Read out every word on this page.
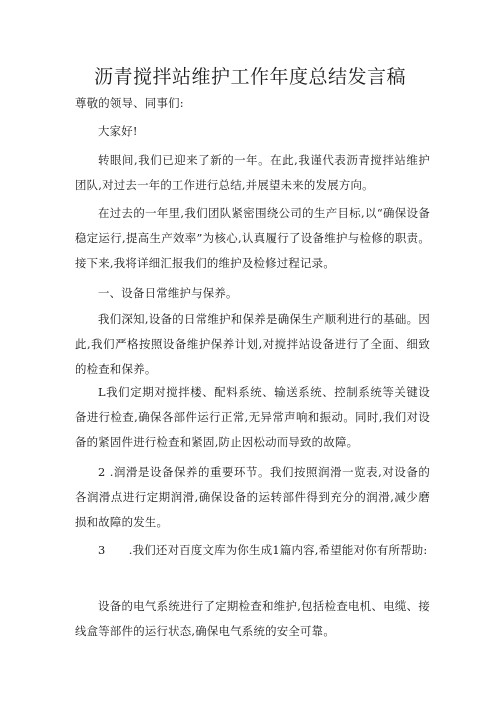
沥青搅拌站维护工作年度总结发言稿

尊敬的领导、同事们:

大家好!

转眼间,我们已迎来了新的一年。在此,我谨代表沥青搅拌站维护团队,对过去一年的工作进行总结,并展望未来的发展方向。

在过去的一年里,我们团队紧密围绕公司的生产目标,以“确保设备稳定运行,提高生产效率”为核心,认真履行了设备维护与检修的职责。接下来,我将详细汇报我们的维护及检修过程记录。

一、设备日常维护与保养。

我们深知,设备的日常维护和保养是确保生产顺利进行的基础。因此,我们严格按照设备维护保养计划,对搅拌站设备进行了全面、细致的检查和保养。

L我们定期对搅拌楼、配料系统、输送系统、控制系统等关键设备进行检查,确保各部件运行正常,无异常声响和振动。同时,我们对设备的紧固件进行检查和紧固,防止因松动而导致的故障。

2 .润滑是设备保养的重要环节。我们按照润滑一览表,对设备的各润滑点进行定期润滑,确保设备的运转部件得到充分的润滑,减少磨损和故障的发生。

3　　.我们还对百度文库为你生成1篇内容,希望能对你有所帮助:

设备的电气系统进行了定期检查和维护,包括检查电机、电缆、接线盒等部件的运行状态,确保电气系统的安全可靠。
